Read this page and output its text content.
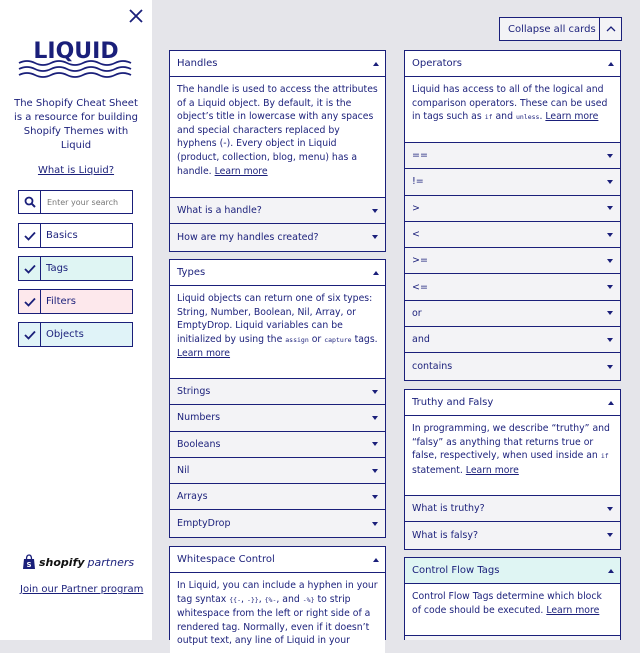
LIQUID
The Shopify Cheat Sheet is a resource for building Shopify Themes with Liquid
What is Liquid?
Enter your search
Basics
Tags
Filters
Objects
S shopify partners
Join our Partner program
Collapse all cards
Handles
The handle is used to access the attributes of a Liquid object. By default, it is the object’s title in lowercase with any spaces and special characters replaced by hyphens (-). Every object in Liquid (product, collection, blog, menu) has a handle. Learn more
What is a handle?
How are my handles created?
Types
Liquid objects can return one of six types: String, Number, Boolean, Nil, Array, or EmptyDrop. Liquid variables can be initialized by using the assign or capture tags. Learn more
Strings
Numbers
Booleans
Nil
Arrays
EmptyDrop
Whitespace Control
In Liquid, you can include a hyphen in your tag syntax {{-, -}}, {%-, and -%} to strip whitespace from the left or right side of a rendered tag. Normally, even if it doesn’t output text, any line of Liquid in your
Operators
Liquid has access to all of the logical and comparison operators. These can be used in tags such as if and unless. Learn more
==
!=
>
<
>=
<=
or
and
contains
Truthy and Falsy
In programming, we describe “truthy” and “falsy” as anything that returns true or false, respectively, when used inside an if statement. Learn more
What is truthy?
What is falsy?
Control Flow Tags
Control Flow Tags determine which block of code should be executed. Learn more
